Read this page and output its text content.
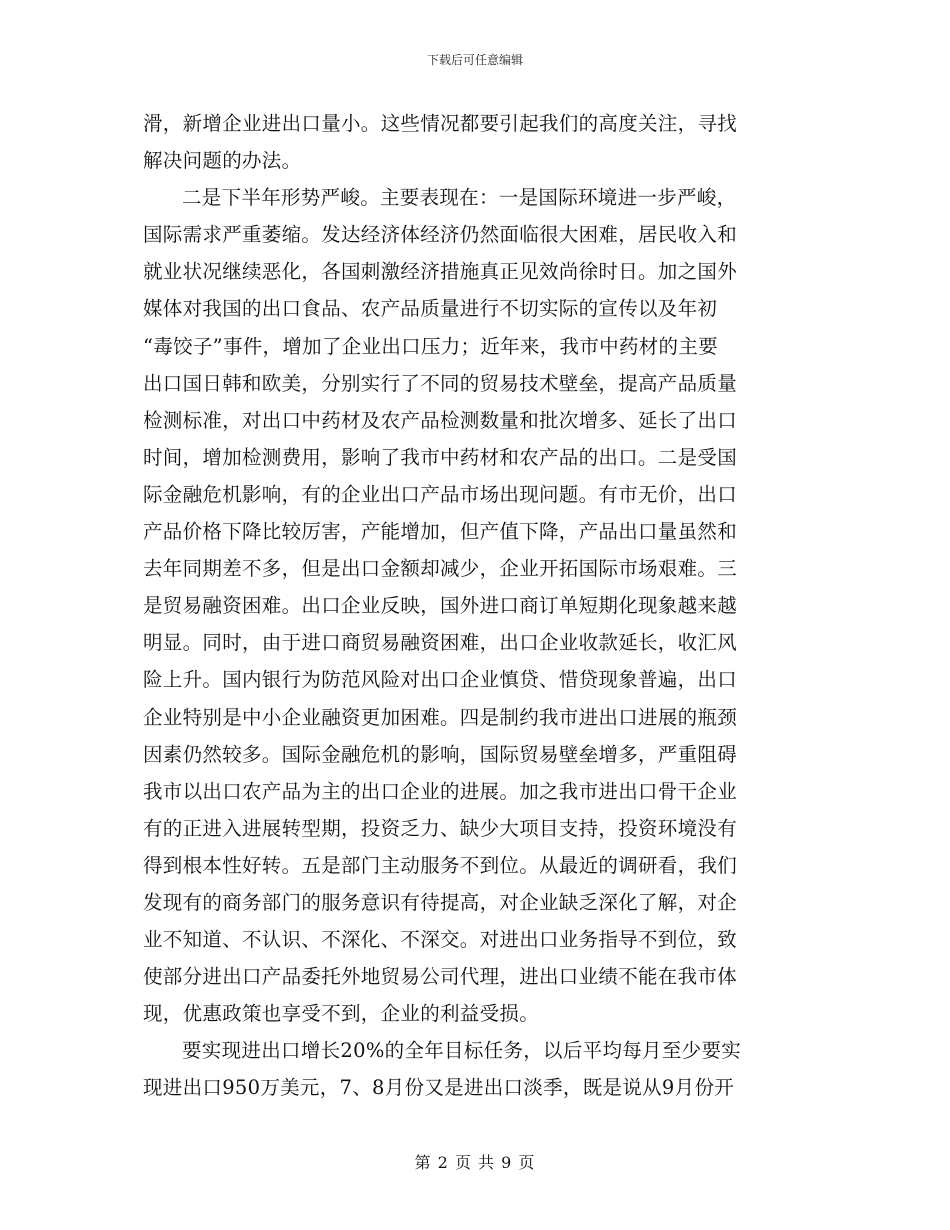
下载后可任意编辑

滑，新增企业进出口量小。这些情况都要引起我们的高度关注，寻找
解决问题的办法。

二是下半年形势严峻。主要表现在：一是国际环境进一步严峻，
国际需求严重萎缩。发达经济体经济仍然面临很大困难，居民收入和
就业状况继续恶化，各国刺激经济措施真正见效尚徐时日。加之国外
媒体对我国的出口食品、农产品质量进行不切实际的宣传以及年初
“毒饺子”事件，增加了企业出口压力；近年来，我市中药材的主要
出口国日韩和欧美，分别实行了不同的贸易技术壁垒，提高产品质量
检测标准，对出口中药材及农产品检测数量和批次增多、延长了出口
时间，增加检测费用，影响了我市中药材和农产品的出口。二是受国
际金融危机影响，有的企业出口产品市场出现问题。有市无价，出口
产品价格下降比较厉害，产能增加，但产值下降，产品出口量虽然和
去年同期差不多，但是出口金额却减少，企业开拓国际市场艰难。三
是贸易融资困难。出口企业反映，国外进口商订单短期化现象越来越
明显。同时，由于进口商贸易融资困难，出口企业收款延长，收汇风
险上升。国内银行为防范风险对出口企业慎贷、惜贷现象普遍，出口
企业特别是中小企业融资更加困难。四是制约我市进出口进展的瓶颈
因素仍然较多。国际金融危机的影响，国际贸易壁垒增多，严重阻碍
我市以出口农产品为主的出口企业的进展。加之我市进出口骨干企业
有的正进入进展转型期，投资乏力、缺少大项目支持，投资环境没有
得到根本性好转。五是部门主动服务不到位。从最近的调研看，我们
发现有的商务部门的服务意识有待提高，对企业缺乏深化了解，对企
业不知道、不认识、不深化、不深交。对进出口业务指导不到位，致
使部分进出口产品委托外地贸易公司代理，进出口业绩不能在我市体
现，优惠政策也享受不到，企业的利益受损。

要实现进出口增长20%的全年目标任务，以后平均每月至少要实
现进出口950万美元，7、8月份又是进出口淡季，既是说从9月份开

第 2 页 共 9 页
